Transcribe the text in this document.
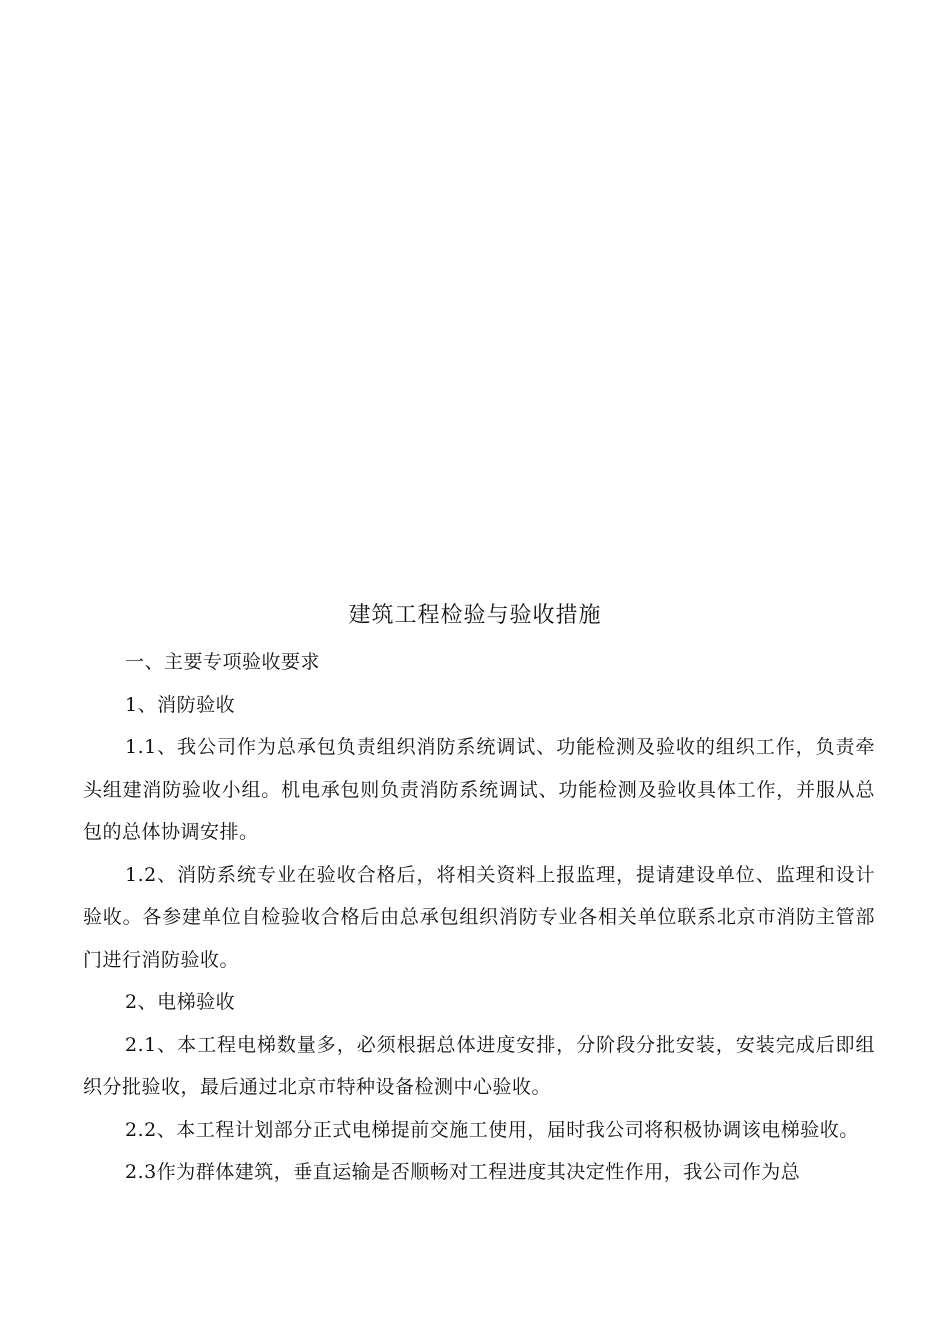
建筑工程检验与验收措施

一、主要专项验收要求

1、消防验收

1.1、我公司作为总承包负责组织消防系统调试、功能检测及验收的组织工作，负责牵头组建消防验收小组。机电承包则负责消防系统调试、功能检测及验收具体工作，并服从总包的总体协调安排。

1.2、消防系统专业在验收合格后，将相关资料上报监理，提请建设单位、监理和设计验收。各参建单位自检验收合格后由总承包组织消防专业各相关单位联系北京市消防主管部门进行消防验收。

2、电梯验收

2.1、本工程电梯数量多，必须根据总体进度安排，分阶段分批安装，安装完成后即组织分批验收，最后通过北京市特种设备检测中心验收。

2.2、本工程计划部分正式电梯提前交施工使用，届时我公司将积极协调该电梯验收。

2.3作为群体建筑，垂直运输是否顺畅对工程进度其决定性作用，我公司作为总
